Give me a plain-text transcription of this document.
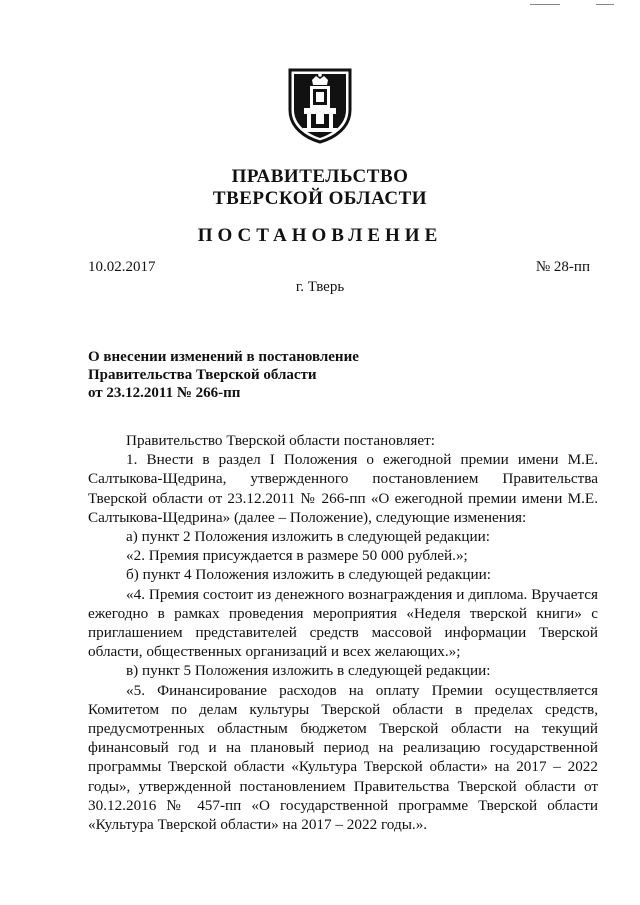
ПРАВИТЕЛЬСТВО
ТВЕРСКОЙ ОБЛАСТИ
ПОСТАНОВЛЕНИЕ
10.02.2017	№ 28-пп
г. Тверь
О внесении изменений в постановление
Правительства Тверской области
от 23.12.2011 № 266-пп

Правительство Тверской области постановляет:

1. Внести в раздел I Положения о ежегодной премии имени М.Е. Салтыкова-Щедрина, утвержденного постановлением Правительства Тверской области от 23.12.2011 № 266-пп «О ежегодной премии имени М.Е. Салтыкова-Щедрина» (далее – Положение), следующие изменения:

а) пункт 2 Положения изложить в следующей редакции:

«2. Премия присуждается в размере 50 000 рублей.»;

б) пункт 4 Положения изложить в следующей редакции:

«4. Премия состоит из денежного вознаграждения и диплома. Вручается ежегодно в рамках проведения мероприятия «Неделя тверской книги» с приглашением представителей средств массовой информации Тверской области, общественных организаций и всех желающих.»;

в) пункт 5 Положения изложить в следующей редакции:

«5. Финансирование расходов на оплату Премии осуществляется Комитетом по делам культуры Тверской области в пределах средств, предусмотренных областным бюджетом Тверской области на текущий финансовый год и на плановый период на реализацию государственной программы Тверской области «Культура Тверской области» на 2017 – 2022 годы», утвержденной постановлением Правительства Тверской области от 30.12.2016 № 457-пп «О государственной программе Тверской области «Культура Тверской области» на 2017 – 2022 годы.».
